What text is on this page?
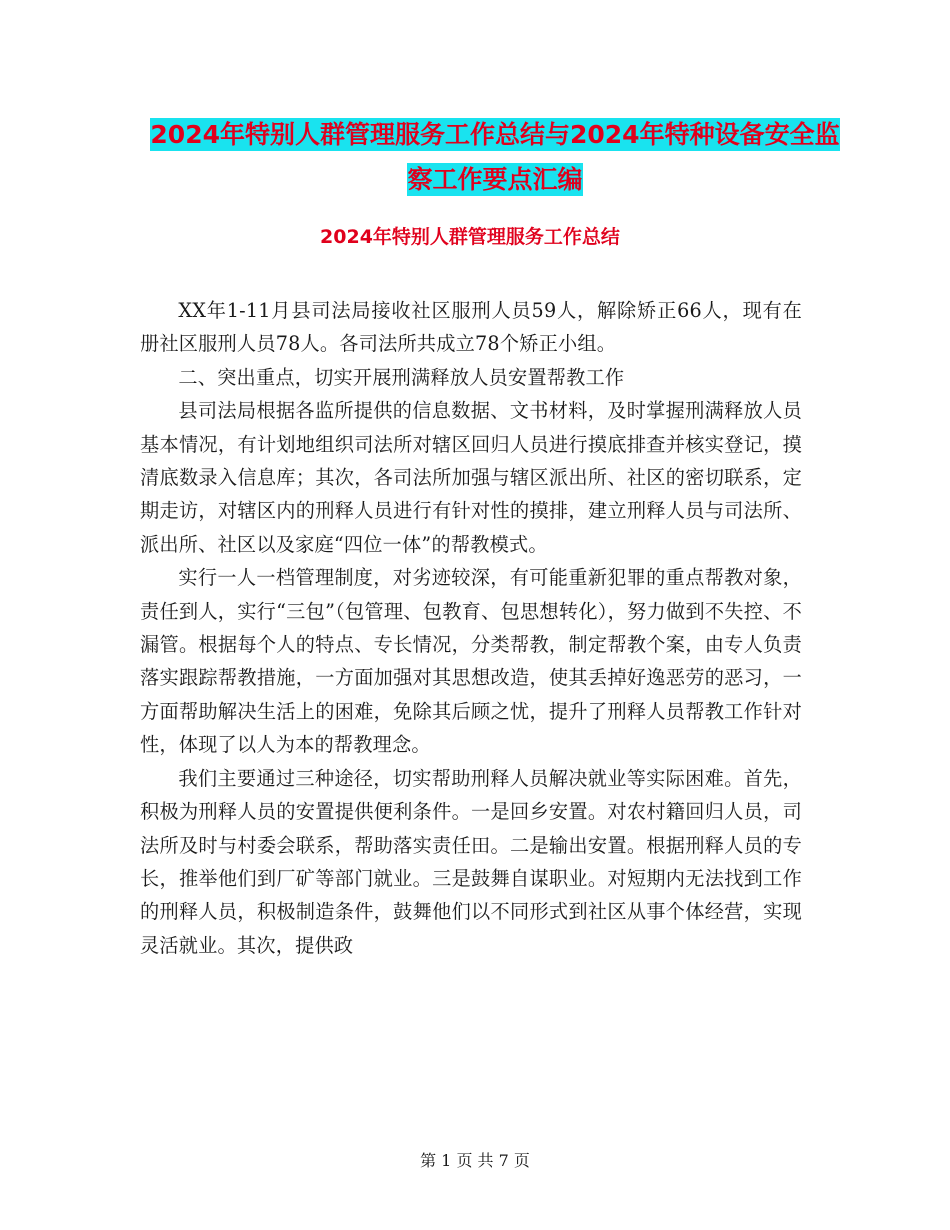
2024年特别人群管理服务工作总结与2024年特种设备安全监察工作要点汇编
2024年特别人群管理服务工作总结

XX年1-11月县司法局接收社区服刑人员59人，解除矫正66人，现有在册社区服刑人员78人。各司法所共成立78个矫正小组。

二、突出重点，切实开展刑满释放人员安置帮教工作

县司法局根据各监所提供的信息数据、文书材料，及时掌握刑满释放人员基本情况，有计划地组织司法所对辖区回归人员进行摸底排查并核实登记，摸清底数录入信息库；其次，各司法所加强与辖区派出所、社区的密切联系，定期走访，对辖区内的刑释人员进行有针对性的摸排，建立刑释人员与司法所、派出所、社区以及家庭“四位一体”的帮教模式。

实行一人一档管理制度，对劣迹较深，有可能重新犯罪的重点帮教对象，责任到人，实行“三包”（包管理、包教育、包思想转化），努力做到不失控、不漏管。根据每个人的特点、专长情况，分类帮教，制定帮教个案，由专人负责落实跟踪帮教措施，一方面加强对其思想改造，使其丢掉好逸恶劳的恶习，一方面帮助解决生活上的困难，免除其后顾之忧，提升了刑释人员帮教工作针对性，体现了以人为本的帮教理念。

我们主要通过三种途径，切实帮助刑释人员解决就业等实际困难。首先，积极为刑释人员的安置提供便利条件。一是回乡安置。对农村籍回归人员，司法所及时与村委会联系，帮助落实责任田。二是输出安置。根据刑释人员的专长，推举他们到厂矿等部门就业。三是鼓舞自谋职业。对短期内无法找到工作的刑释人员，积极制造条件，鼓舞他们以不同形式到社区从事个体经营，实现灵活就业。其次，提供政

第 1 页 共 7 页
